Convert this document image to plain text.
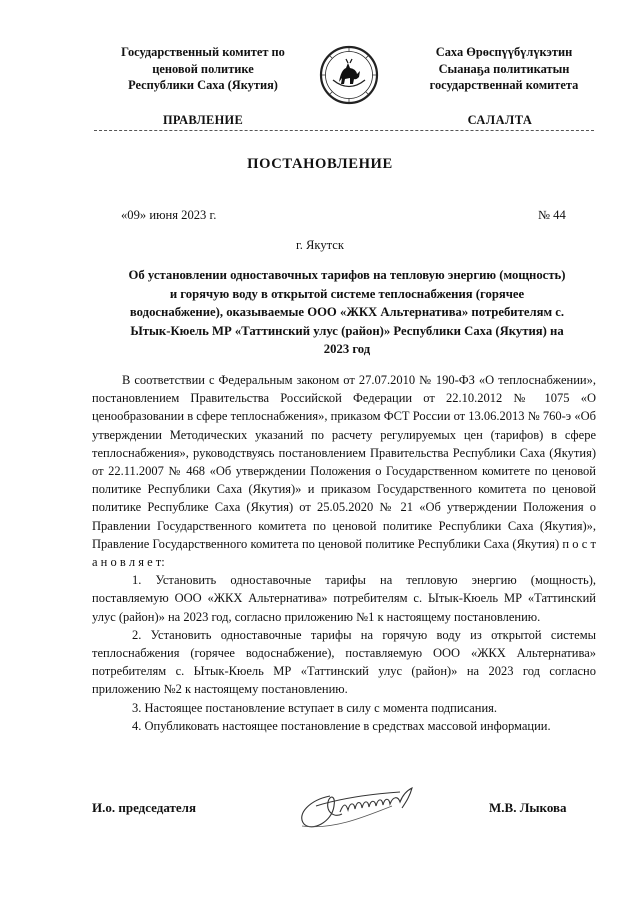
Государственный комитет по
ценовой политике
Республики Саха (Якутия)
Саха Өрөспүүбүлүкэтин
Сыанаҕа политикатын
государственнай комитета
ПРАВЛЕНИЕ	САЛАЛТА
ПОСТАНОВЛЕНИЕ
«09» июня 2023 г.	№ 44
г. Якутск
Об установлении одноставочных тарифов на тепловую энергию (мощность)
и горячую воду в открытой системе теплоснабжения (горячее
водоснабжение), оказываемые ООО «ЖКХ Альтернатива» потребителям с.
Ытык-Кюель МР «Таттинский улус (район)» Республики Саха (Якутия) на
2023 год

В соответствии с Федеральным законом от 27.07.2010 № 190-ФЗ «О теплоснабжении», постановлением Правительства Российской Федерации от 22.10.2012 № 1075 «О ценообразовании в сфере теплоснабжения», приказом ФСТ России от 13.06.2013 № 760-э «Об утверждении Методических указаний по расчету регулируемых цен (тарифов) в сфере теплоснабжения», руководствуясь постановлением Правительства Республики Саха (Якутия) от 22.11.2007 № 468 «Об утверждении Положения о Государственном комитете по ценовой политике Республики Саха (Якутия)» и приказом Государственного комитета по ценовой политике Республике Саха (Якутия) от 25.05.2020 № 21 «Об утверждении Положения о Правлении Государственного комитета по ценовой политике Республики Саха (Якутия)», Правление Государственного комитета по ценовой политике Республики Саха (Якутия) п о с т а н о в л я е т:

1. Установить одноставочные тарифы на тепловую энергию (мощность), поставляемую ООО «ЖКХ Альтернатива» потребителям с. Ытык-Кюель МР «Таттинский улус (район)» на 2023 год, согласно приложению №1 к настоящему постановлению.

2. Установить одноставочные тарифы на горячую воду из открытой системы теплоснабжения (горячее водоснабжение), поставляемую ООО «ЖКХ Альтернатива» потребителям с. Ытык-Кюель МР «Таттинский улус (район)» на 2023 год согласно приложению №2 к настоящему постановлению.

3. Настоящее постановление вступает в силу с момента подписания.

4. Опубликовать настоящее постановление в средствах массовой информации.

И.о. председателя	М.В. Лыкова
